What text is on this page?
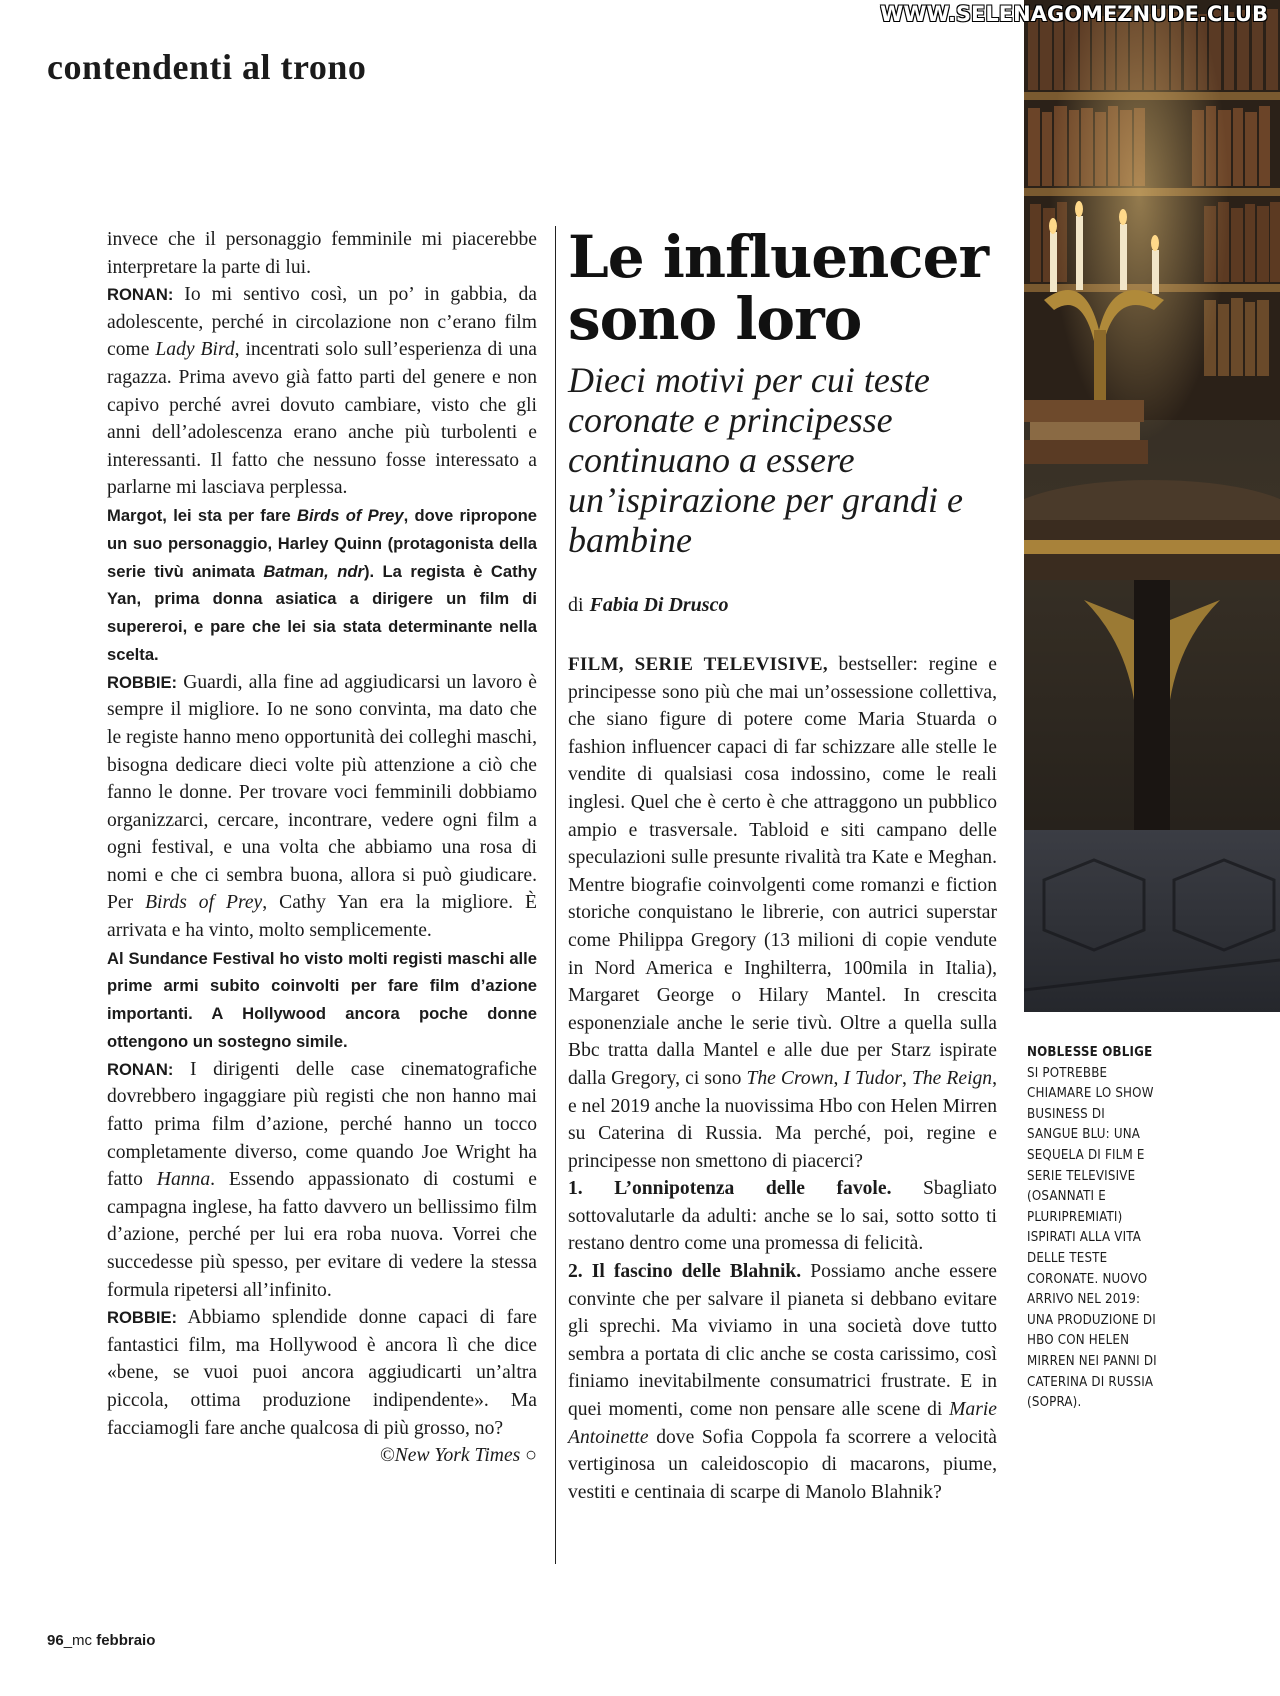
WWW.SELENAGOMEZNUDE.CLUB
contendenti al trono

invece che il personaggio femminile mi piacerebbe interpretare la parte di lui.

RONAN: Io mi sentivo così, un po’ in gabbia, da adolescente, perché in circolazione non c’erano film come Lady Bird, incentrati solo sull’esperienza di una ragazza. Prima avevo già fatto parti del genere e non capivo perché avrei dovuto cambiare, visto che gli anni dell’adolescenza erano anche più turbolenti e interessanti. Il fatto che nessuno fosse interessato a parlarne mi lasciava perplessa.

Margot, lei sta per fare Birds of Prey, dove ripropone un suo personaggio, Harley Quinn (protagonista della serie tivù animata Batman, ndr). La regista è Cathy Yan, prima donna asiatica a dirigere un film di supereroi, e pare che lei sia stata determinante nella scelta.

ROBBIE: Guardi, alla fine ad aggiudicarsi un lavoro è sempre il migliore. Io ne sono convinta, ma dato che le registe hanno meno opportunità dei colleghi maschi, bisogna dedicare dieci volte più attenzione a ciò che fanno le donne. Per trovare voci femminili dobbiamo organizzarci, cercare, incontrare, vedere ogni film a ogni festival, e una volta che abbiamo una rosa di nomi e che ci sembra buona, allora si può giudicare. Per Birds of Prey, Cathy Yan era la migliore. È arrivata e ha vinto, molto semplicemente.

Al Sundance Festival ho visto molti registi maschi alle prime armi subito coinvolti per fare film d’azione importanti. A Hollywood ancora poche donne ottengono un sostegno simile.

RONAN: I dirigenti delle case cinematografiche dovrebbero ingaggiare più registi che non hanno mai fatto prima film d’azione, perché hanno un tocco completamente diverso, come quando Joe Wright ha fatto Hanna. Essendo appassionato di costumi e campagna inglese, ha fatto davvero un bellissimo film d’azione, perché per lui era roba nuova. Vorrei che succedesse più spesso, per evitare di vedere la stessa formula ripetersi all’infinito.

ROBBIE: Abbiamo splendide donne capaci di fare fantastici film, ma Hollywood è ancora lì che dice «bene, se vuoi puoi ancora aggiudicarti un’altra piccola, ottima produzione indipendente». Ma facciamogli fare anche qualcosa di più grosso, no?
©New York Times ○

Le influencer sono loro

Dieci motivi per cui teste coronate e principesse continuano a essere un’ispirazione per grandi e bambine

di Fabia Di Drusco

FILM, SERIE TELEVISIVE, bestseller: regine e principesse sono più che mai un’ossessione collettiva, che siano figure di potere come Maria Stuarda o fashion influencer capaci di far schizzare alle stelle le vendite di qualsiasi cosa indossino, come le reali inglesi. Quel che è certo è che attraggono un pubblico ampio e trasversale. Tabloid e siti campano delle speculazioni sulle presunte rivalità tra Kate e Meghan. Mentre biografie coinvolgenti come romanzi e fiction storiche conquistano le librerie, con autrici superstar come Philippa Gregory (13 milioni di copie vendute in Nord America e Inghilterra, 100mila in Italia), Margaret George o Hilary Mantel. In crescita esponenziale anche le serie tivù. Oltre a quella sulla Bbc tratta dalla Mantel e alle due per Starz ispirate dalla Gregory, ci sono The Crown, I Tudor, The Reign, e nel 2019 anche la nuovissima Hbo con Helen Mirren su Caterina di Russia. Ma perché, poi, regine e principesse non smettono di piacerci?
1. L’onnipotenza delle favole. Sbagliato sottovalutarle da adulti: anche se lo sai, sotto sotto ti restano dentro come una promessa di felicità.
2. Il fascino delle Blahnik. Possiamo anche essere convinte che per salvare il pianeta si debbano evitare gli sprechi. Ma viviamo in una società dove tutto sembra a portata di clic anche se costa carissimo, così finiamo inevitabilmente consumatrici frustrate. E in quei momenti, come non pensare alle scene di Marie Antoinette dove Sofia Coppola fa scorrere a velocità vertiginosa un caleidoscopio di macarons, piume, vestiti e centinaia di scarpe di Manolo Blahnik?

NOBLESSE OBLIGE
SI POTREBBE CHIAMARE LO SHOW BUSINESS DI SANGUE BLU: UNA SEQUELA DI FILM E SERIE TELEVISIVE (OSANNATI E PLURIPREMIATI) ISPIRATI ALLA VITA DELLE TESTE CORONATE. NUOVO ARRIVO NEL 2019: UNA PRODUZIONE DI HBO CON HELEN MIRREN NEI PANNI DI CATERINA DI RUSSIA (SOPRA).
96_mc febbraio
